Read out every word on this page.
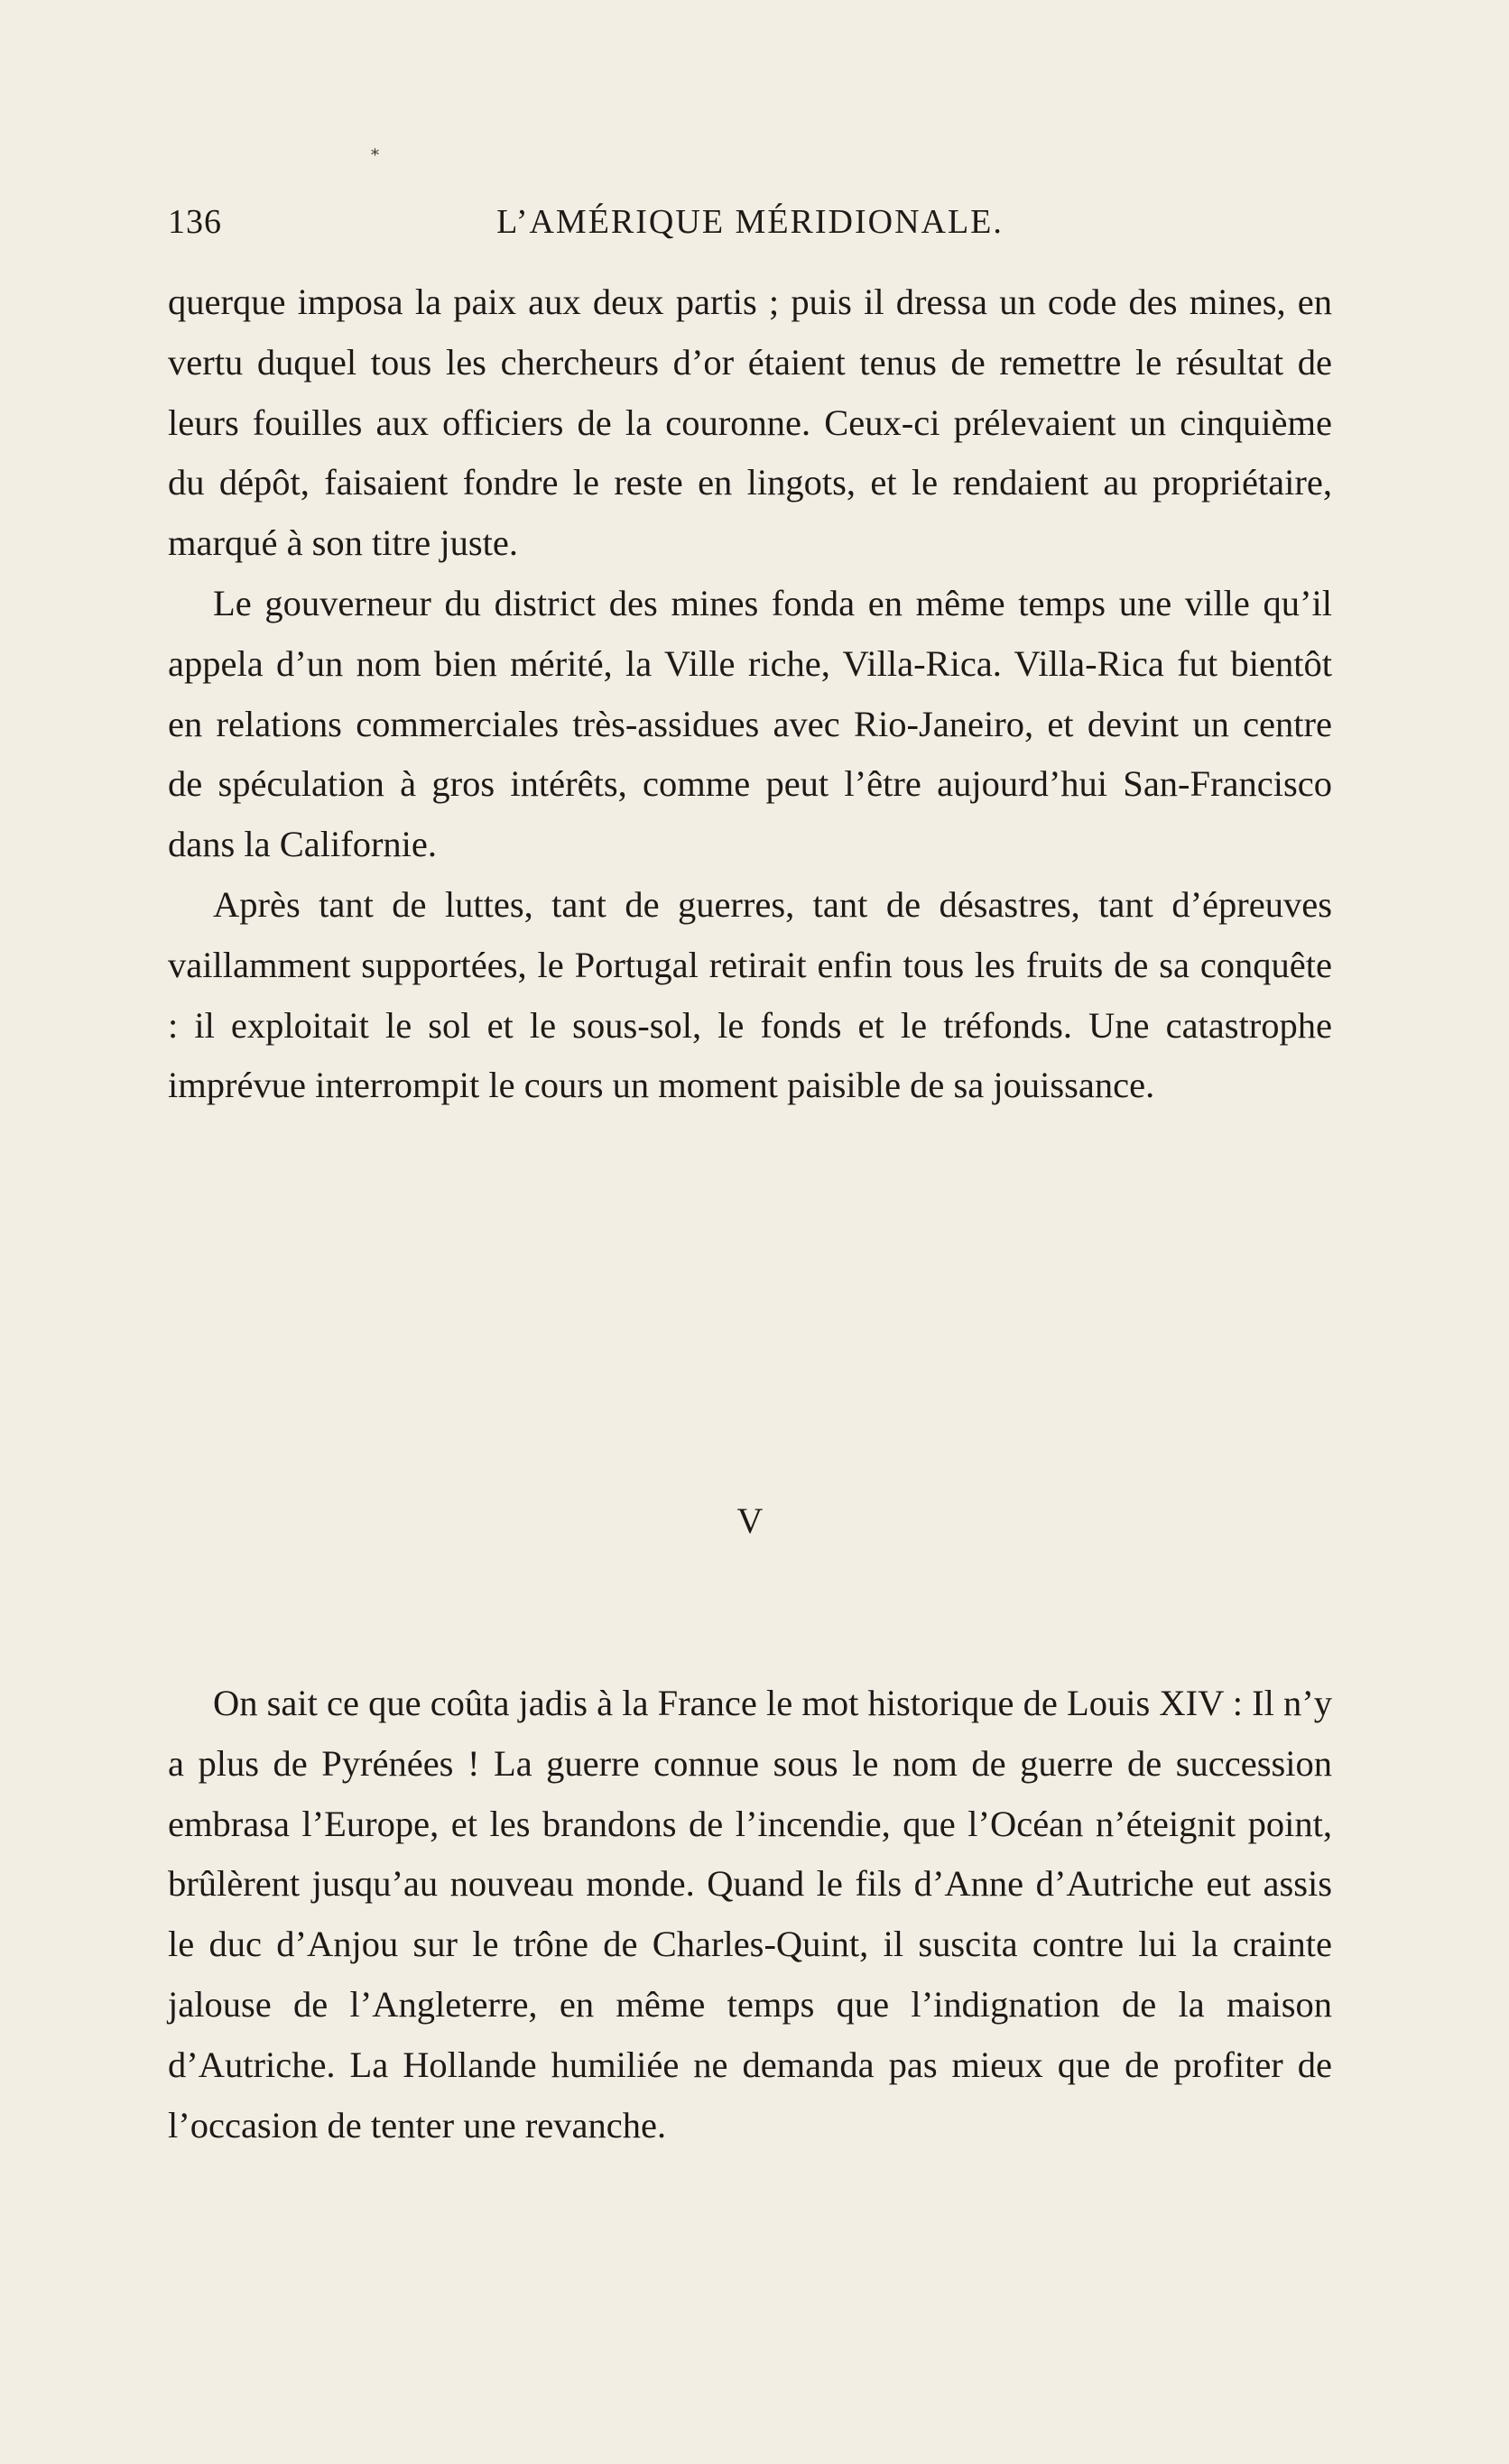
⁎
136	L’AMÉRIQUE MÉRIDIONALE.

querque imposa la paix aux deux partis ; puis il dressa un code des mines, en vertu duquel tous les chercheurs d’or étaient tenus de remettre le résultat de leurs fouilles aux officiers de la couronne. Ceux-ci prélevaient un cinquième du dépôt, faisaient fondre le reste en lingots, et le rendaient au propriétaire, marqué à son titre juste.

Le gouverneur du district des mines fonda en même temps une ville qu’il appela d’un nom bien mérité, la Ville riche, Villa-Rica. Villa-Rica fut bientôt en relations commerciales très-assidues avec Rio-Janeiro, et devint un centre de spéculation à gros intérêts, comme peut l’être aujourd’hui San-Francisco dans la Californie.

Après tant de luttes, tant de guerres, tant de désastres, tant d’épreuves vaillamment supportées, le Portugal retirait enfin tous les fruits de sa conquête : il exploitait le sol et le sous-sol, le fonds et le tréfonds. Une catastrophe imprévue interrompit le cours un moment paisible de sa jouissance.

V

On sait ce que coûta jadis à la France le mot historique de Louis XIV : Il n’y a plus de Pyrénées ! La guerre connue sous le nom de guerre de succession embrasa l’Europe, et les brandons de l’incendie, que l’Océan n’éteignit point, brûlèrent jusqu’au nouveau monde. Quand le fils d’Anne d’Autriche eut assis le duc d’Anjou sur le trône de Charles-Quint, il suscita contre lui la crainte jalouse de l’Angleterre, en même temps que l’indignation de la maison d’Autriche. La Hollande humiliée ne demanda pas mieux que de profiter de l’occasion de tenter une revanche.
